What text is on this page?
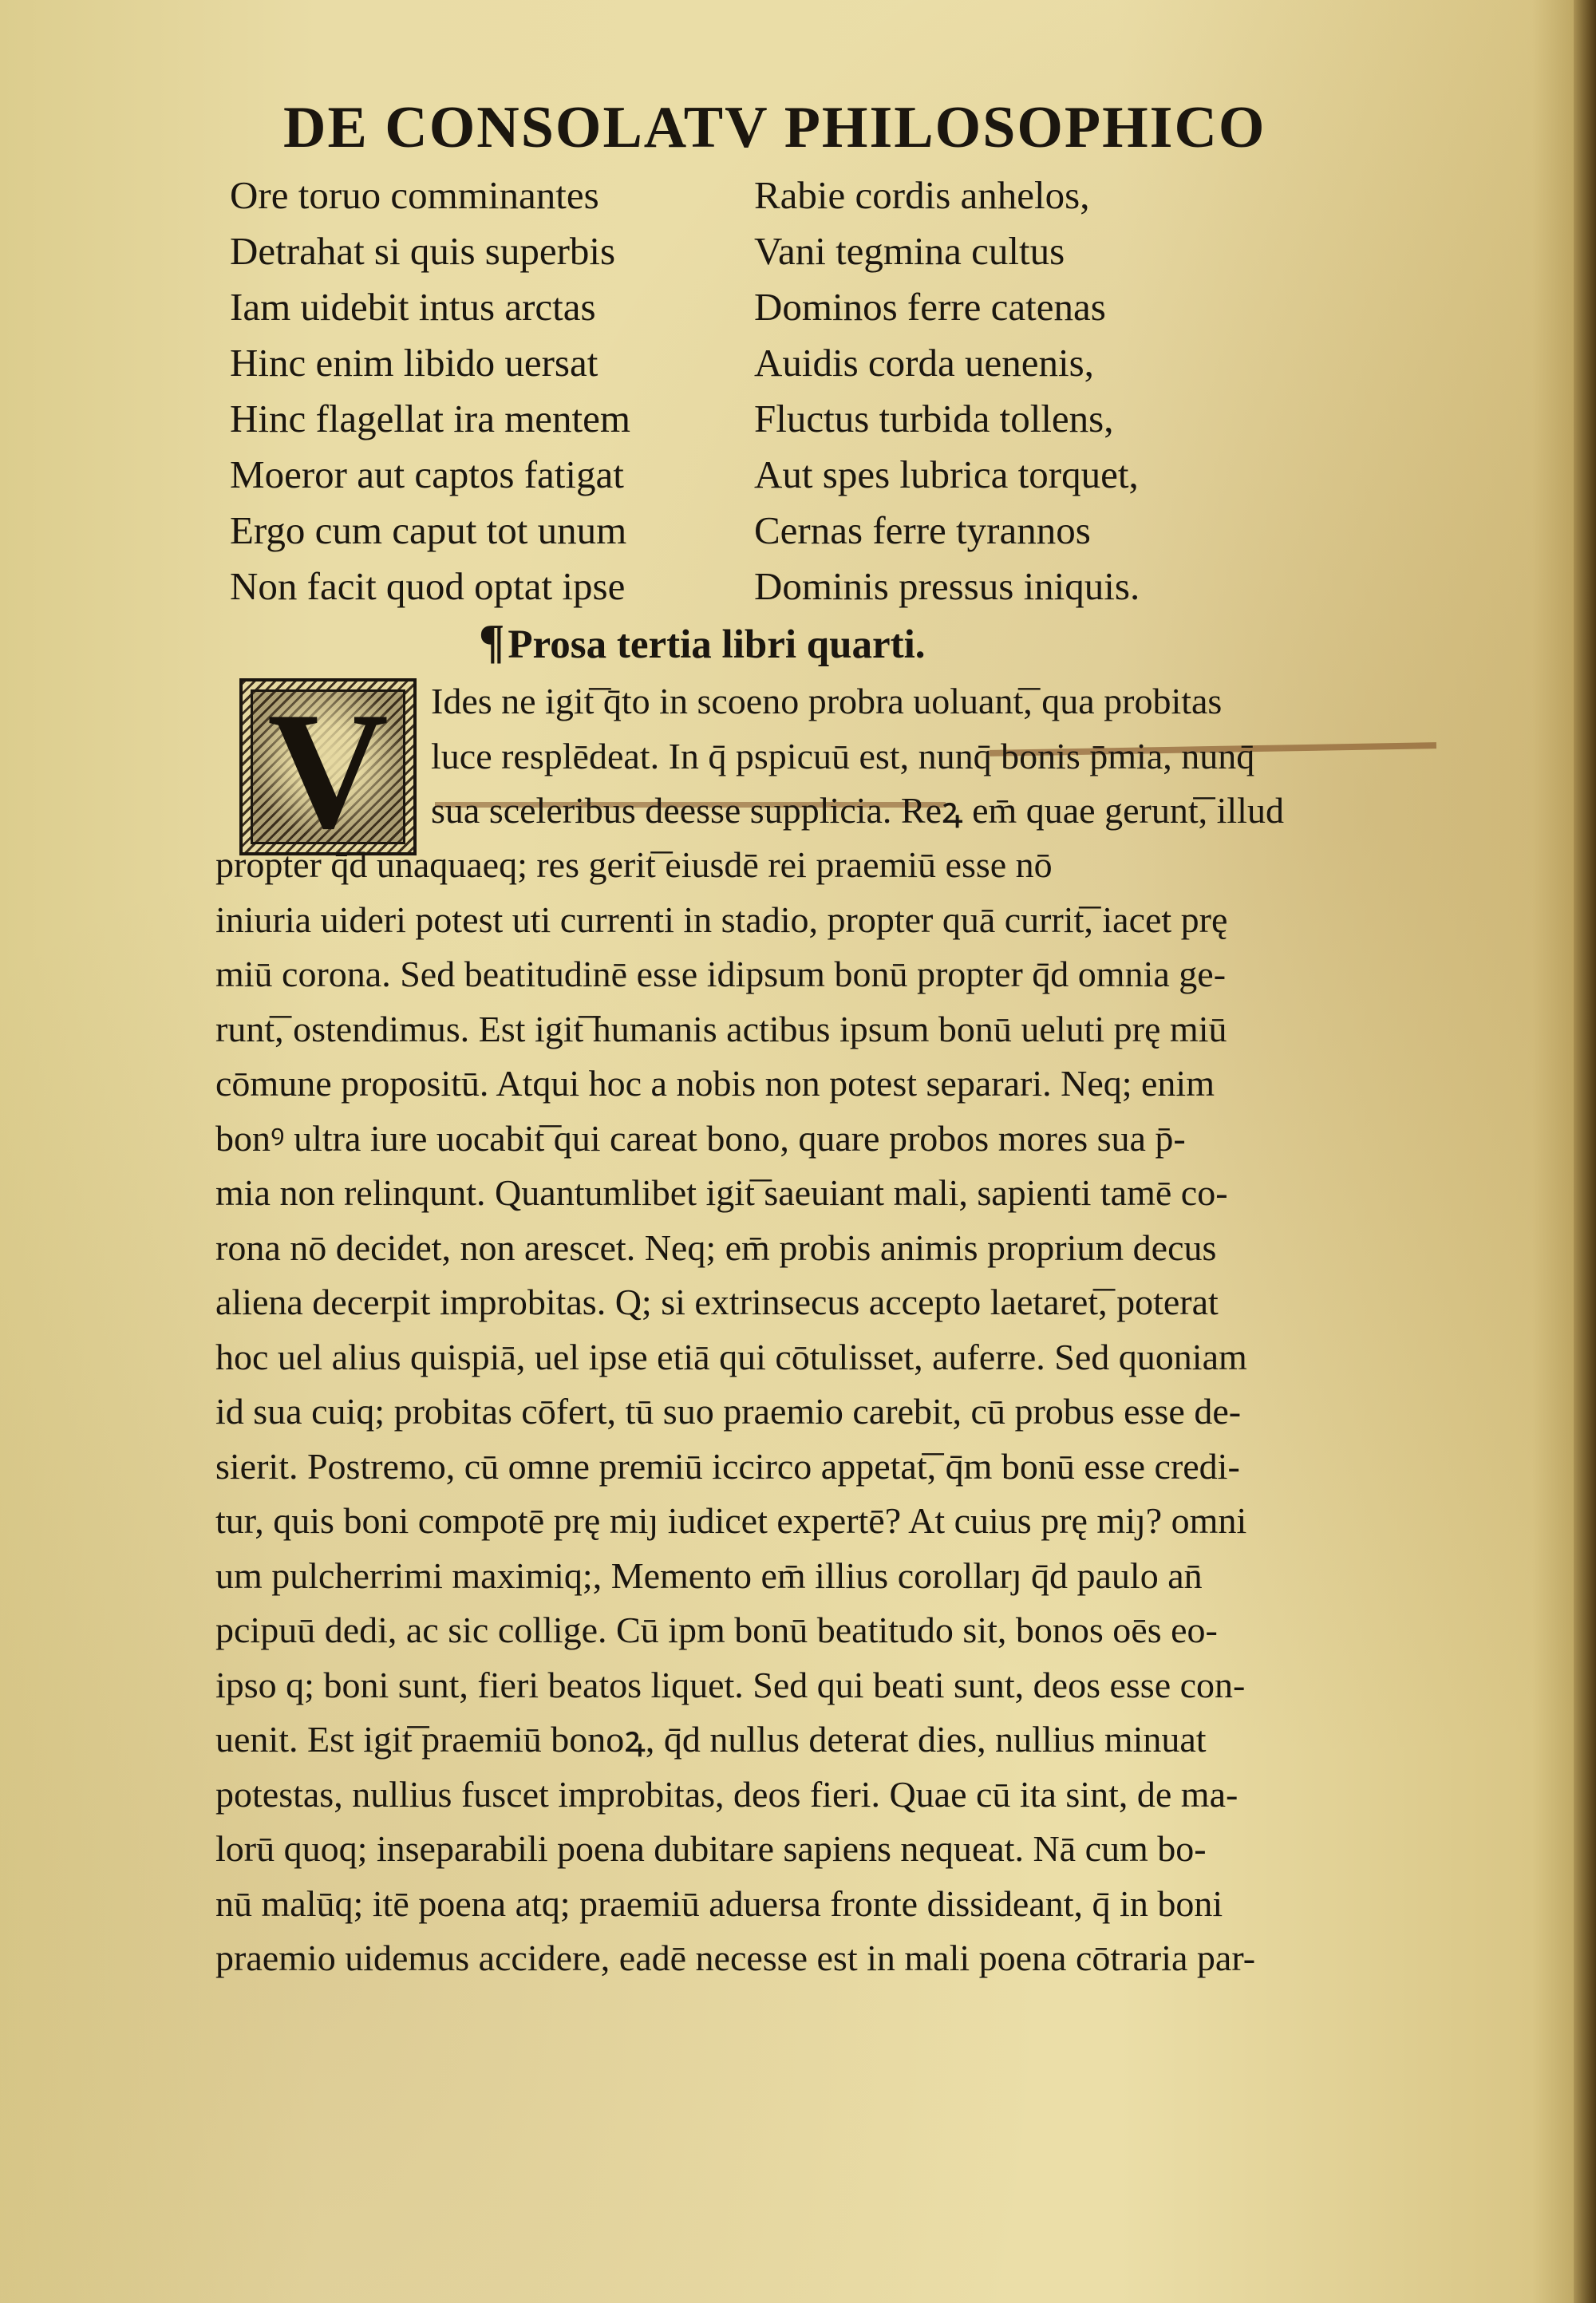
DE CONSOLATV PHILOSOPHICO
Ore toruo comminantes
Detrahat si quis superbis
Iam uidebit intus arctas
Hinc enim libido uersat
Hinc flagellat ira mentem
Moeror aut captos fatigat
Ergo cum caput tot unum
Non facit quod optat ipse
Rabie cordis anhelos,
Vani tegmina cultus
Dominos ferre catenas
Auidis corda uenenis,
Fluctus turbida tollens,
Aut spes lubrica torquet,
Cernas ferre tyrannos
Dominis pressus iniquis.
¶Prosa tertia libri quarti.
V Ides ne igit͞ q̄to in scoeno probra uoluant͞, qua probitas
luce resplēdeat. In q̄ pspicuū est, nunq̄ bonis p̄mia, nunq̄
sua sceleribus deesse supplicia. Reꝝ em̄ quae gerunt͞, illud
propter q̄d unaquaeq; res gerit͞ eiusdē rei praemiū esse nō
iniuria uideri potest uti currenti in stadio, propter quā currit͞, iacet prę
miū corona. Sed beatitudinē esse idipsum bonū propter q̄d omnia ge-
runt͞, ostendimus. Est igit͞ humanis actibus ipsum bonū ueluti prę miū
cōmune propositū. Atqui hoc a nobis non potest separari. Neq; enim
bonꝰ ultra iure uocabit͞ qui careat bono, quare probos mores sua p̄-
mia non relinqunt. Quantumlibet igit͞ saeuiant mali, sapienti tamē co-
rona nō decidet, non arescet. Neq; em̄ probis animis proprium decus
aliena decerpit improbitas. Q; si extrinsecus accepto laetaret͞, poterat
hoc uel alius quispiā, uel ipse etiā qui cōtulisset, auferre. Sed quoniam
id sua cuiq; probitas cōfert, tū suo praemio carebit, cū probus esse de-
sierit. Postremo, cū omne premiū iccirco appetat͞, q̄m bonū esse credi-
tur, quis boni compotē prę miȷ iudicet expertē? At cuius prę miȷ? omni
um pulcherrimi maximiq;, Memento em̄ illius corollarȷ q̄d paulo an̄
pcipuū dedi, ac sic collige. Cū ipm bonū beatitudo sit, bonos oēs eo-
ipso q; boni sunt, fieri beatos liquet. Sed qui beati sunt, deos esse con-
uenit. Est igit͞ praemiū bonoꝝ, q̄d nullus deterat dies, nullius minuat
potestas, nullius fuscet improbitas, deos fieri. Quae cū ita sint, de ma-
lorū quoq; inseparabili poena dubitare sapiens nequeat. Nā cum bo-
nū malūq; itē poena atq; praemiū aduersa fronte dissideant, q̄ in boni
praemio uidemus accidere, eadē necesse est in mali poena cōtraria par-
